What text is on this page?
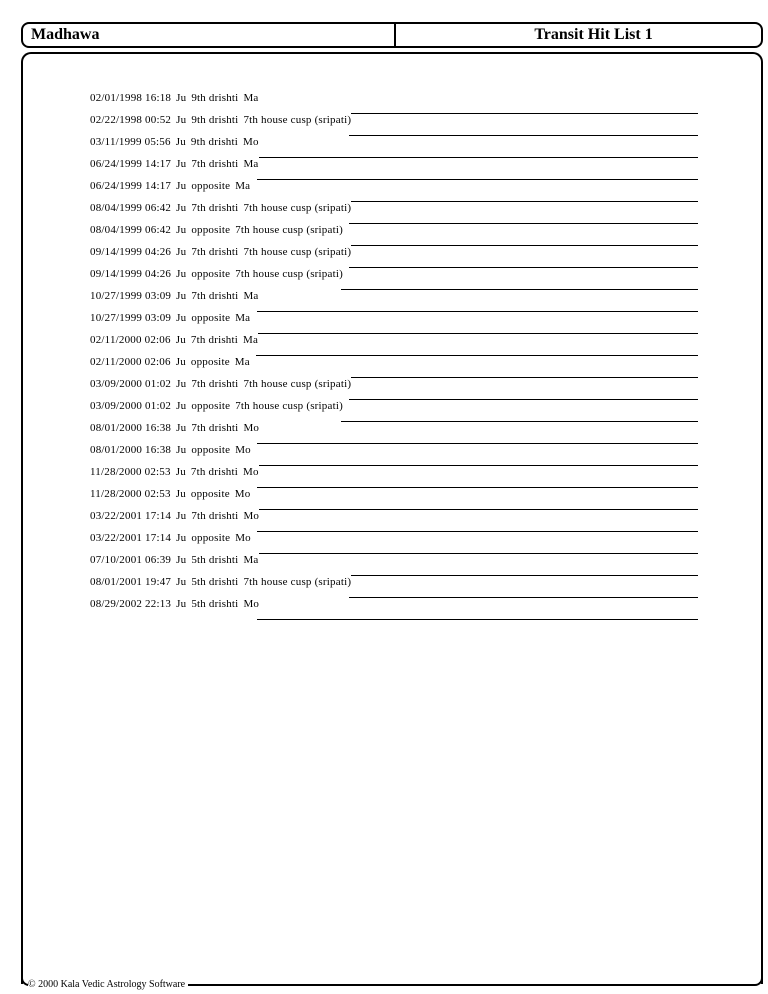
Madhawa	Transit Hit List 1
02/01/1998 16:18 Ju 9th drishti Ma
02/22/1998 00:52 Ju 9th drishti 7th house cusp (sripati)
03/11/1999 05:56 Ju 9th drishti Mo
06/24/1999 14:17 Ju 7th drishti Ma
06/24/1999 14:17 Ju opposite Ma
08/04/1999 06:42 Ju 7th drishti 7th house cusp (sripati)
08/04/1999 06:42 Ju opposite 7th house cusp (sripati)
09/14/1999 04:26 Ju 7th drishti 7th house cusp (sripati)
09/14/1999 04:26 Ju opposite 7th house cusp (sripati)
10/27/1999 03:09 Ju 7th drishti Ma
10/27/1999 03:09 Ju opposite Ma
02/11/2000 02:06 Ju 7th drishti Ma
02/11/2000 02:06 Ju opposite Ma
03/09/2000 01:02 Ju 7th drishti 7th house cusp (sripati)
03/09/2000 01:02 Ju opposite 7th house cusp (sripati)
08/01/2000 16:38 Ju 7th drishti Mo
08/01/2000 16:38 Ju opposite Mo
11/28/2000 02:53 Ju 7th drishti Mo
11/28/2000 02:53 Ju opposite Mo
03/22/2001 17:14 Ju 7th drishti Mo
03/22/2001 17:14 Ju opposite Mo
07/10/2001 06:39 Ju 5th drishti Ma
08/01/2001 19:47 Ju 5th drishti 7th house cusp (sripati)
08/29/2002 22:13 Ju 5th drishti Mo
© 2000 Kala Vedic Astrology Software
